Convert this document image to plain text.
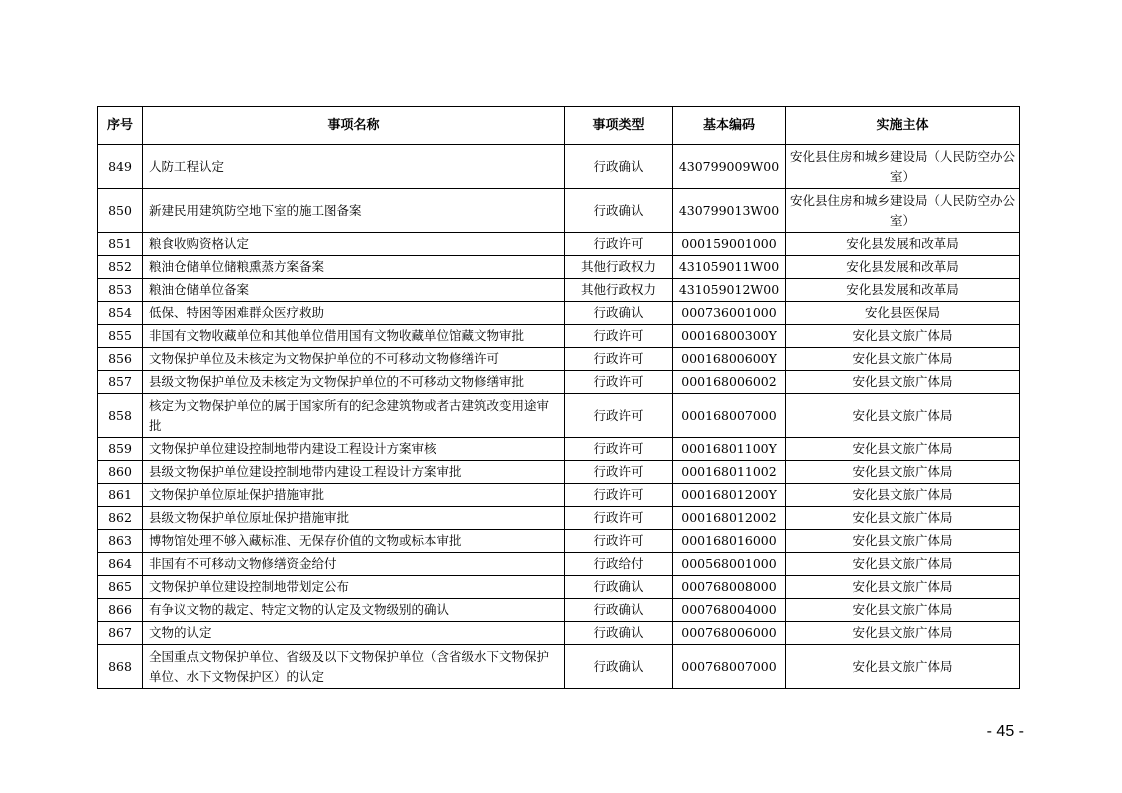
序号	事项名称	事项类型	基本编码	实施主体
849	人防工程认定	行政确认	430799009W00	安化县住房和城乡建设局（人民防空办公室）
850	新建民用建筑防空地下室的施工图备案	行政确认	430799013W00	安化县住房和城乡建设局（人民防空办公室）
851	粮食收购资格认定	行政许可	000159001000	安化县发展和改革局
852	粮油仓储单位储粮熏蒸方案备案	其他行政权力	431059011W00	安化县发展和改革局
853	粮油仓储单位备案	其他行政权力	431059012W00	安化县发展和改革局
854	低保、特困等困难群众医疗救助	行政确认	000736001000	安化县医保局
855	非国有文物收藏单位和其他单位借用国有文物收藏单位馆藏文物审批	行政许可	00016800300Y	安化县文旅广体局
856	文物保护单位及未核定为文物保护单位的不可移动文物修缮许可	行政许可	00016800600Y	安化县文旅广体局
857	县级文物保护单位及未核定为文物保护单位的不可移动文物修缮审批	行政许可	000168006002	安化县文旅广体局
858	核定为文物保护单位的属于国家所有的纪念建筑物或者古建筑改变用途审批	行政许可	000168007000	安化县文旅广体局
859	文物保护单位建设控制地带内建设工程设计方案审核	行政许可	00016801100Y	安化县文旅广体局
860	县级文物保护单位建设控制地带内建设工程设计方案审批	行政许可	000168011002	安化县文旅广体局
861	文物保护单位原址保护措施审批	行政许可	00016801200Y	安化县文旅广体局
862	县级文物保护单位原址保护措施审批	行政许可	000168012002	安化县文旅广体局
863	博物馆处理不够入藏标准、无保存价值的文物或标本审批	行政许可	000168016000	安化县文旅广体局
864	非国有不可移动文物修缮资金给付	行政给付	000568001000	安化县文旅广体局
865	文物保护单位建设控制地带划定公布	行政确认	000768008000	安化县文旅广体局
866	有争议文物的裁定、特定文物的认定及文物级别的确认	行政确认	000768004000	安化县文旅广体局
867	文物的认定	行政确认	000768006000	安化县文旅广体局
868	全国重点文物保护单位、省级及以下文物保护单位（含省级水下文物保护单位、水下文物保护区）的认定	行政确认	000768007000	安化县文旅广体局
- 45 -
